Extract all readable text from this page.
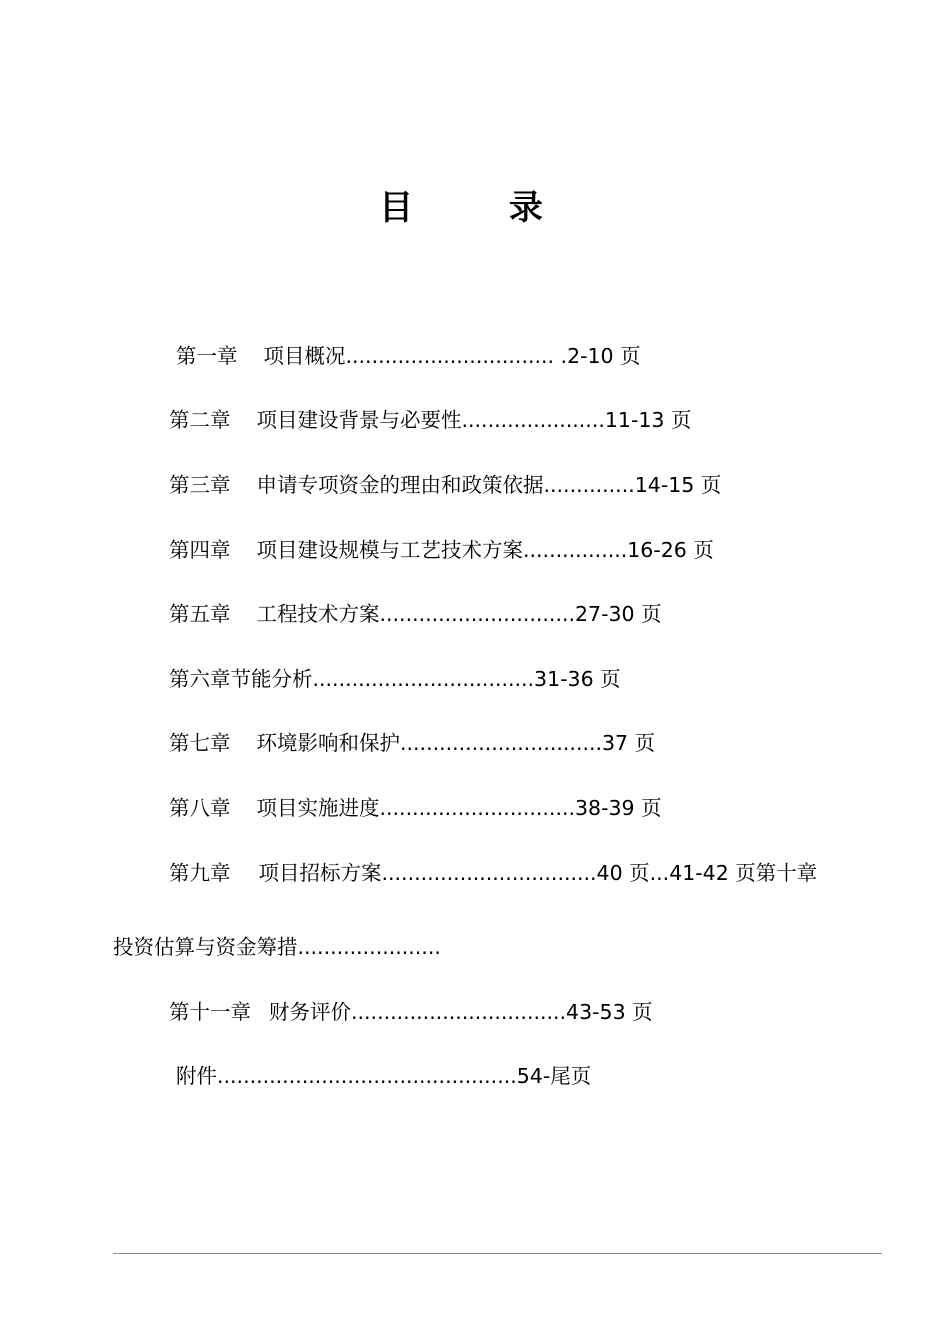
目 录
第一章 项目概况................................ .2-10 页
第二章 项目建设背景与必要性......................11-13 页
第三章 申请专项资金的理由和政策依据..............14-15 页
第四章 项目建设规模与工艺技术方案................16-26 页
第五章 工程技术方案..............................27-30 页
第六章节能分析..................................31-36 页
第七章 环境影响和保护...............................37 页
第八章 项目实施进度..............................38-39 页
第九章 项目招标方案.................................40 页...41-42 页第十章
投资估算与资金筹措......................
第十一章 财务评价.................................43-53 页
附件..............................................54-尾页
